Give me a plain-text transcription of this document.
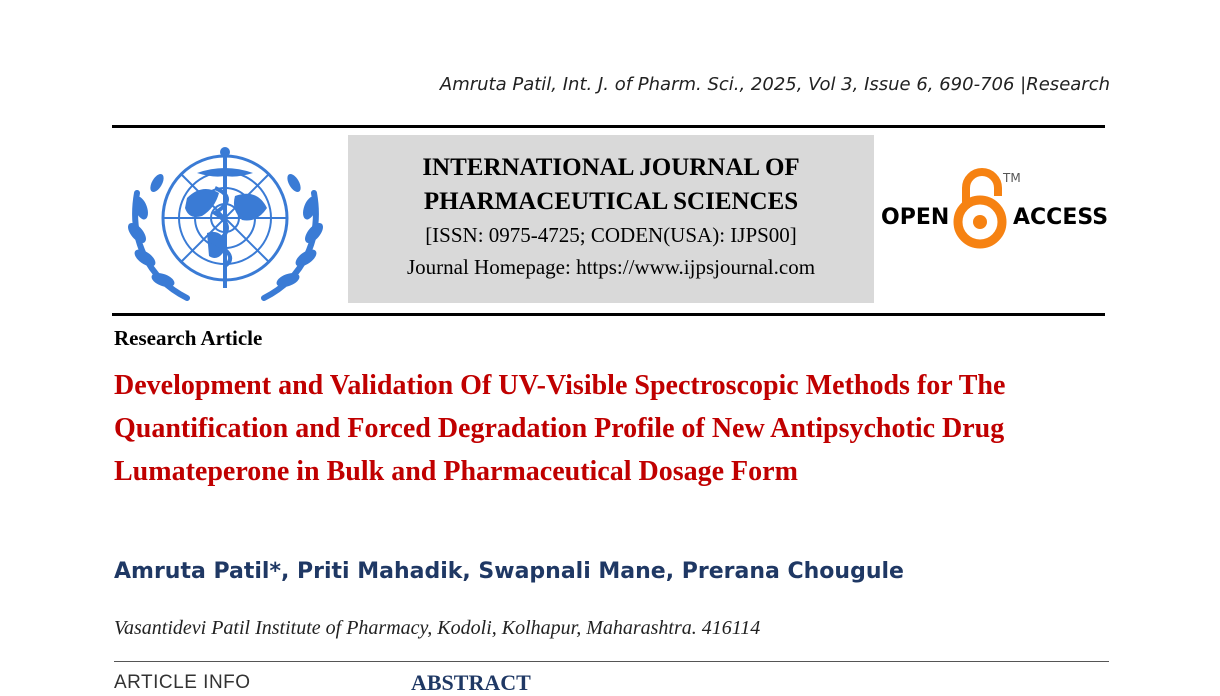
Amruta Patil, Int. J. of Pharm. Sci., 2025, Vol 3, Issue 6, 690-706 |Research
INTERNATIONAL JOURNAL OF
PHARMACEUTICAL SCIENCES
[ISSN: 0975-4725; CODEN(USA): IJPS00]
Journal Homepage: https://www.ijpsjournal.com
OPEN	ACCESS
TM
Research Article
Development and Validation Of UV-Visible Spectroscopic Methods for The Quantification and Forced Degradation Profile of New Antipsychotic Drug Lumateperone in Bulk and Pharmaceutical Dosage Form
Amruta Patil*, Priti Mahadik, Swapnali Mane, Prerana Chougule
Vasantidevi Patil Institute of Pharmacy, Kodoli, Kolhapur, Maharashtra. 416114
ARTICLE INFO	ABSTRACT
